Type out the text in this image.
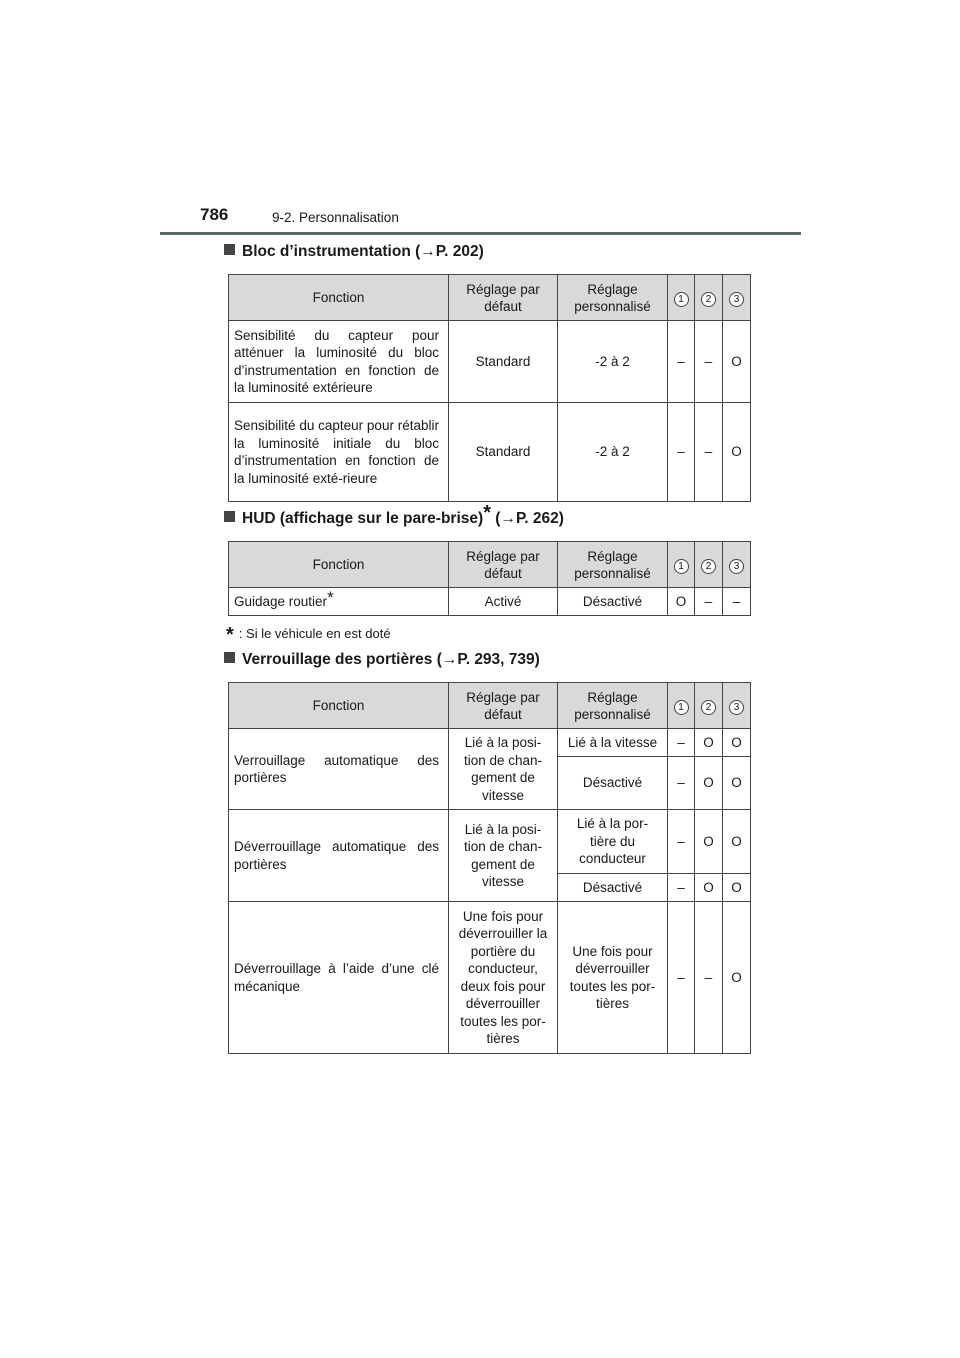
786	9-2. Personnalisation
Bloc d’instrumentation (→P. 202)
Fonction	Réglage par défaut	Réglage personnalisé	1	2	3
Sensibilité du capteur pour atténuer la luminosité du bloc d’instrumentation en fonction de la luminosité extérieure	Standard	-2 à 2	–	–	O
Sensibilité du capteur pour rétablir la luminosité initiale du bloc d’instrumentation en fonction de la luminosité exté-rieure	Standard	-2 à 2	–	–	O
HUD (affichage sur le pare-brise)* (→P. 262)
Fonction	Réglage par défaut	Réglage personnalisé	1	2	3
Guidage routier*	Activé	Désactivé	O	–	–
* : Si le véhicule en est doté
Verrouillage des portières (→P. 293, 739)
Fonction	Réglage par défaut	Réglage personnalisé	1	2	3
Verrouillage automatique des portières	Lié à la posi-tion de chan-gement de vitesse	Lié à la vitesse	–	O	O
		Désactivé	–	O	O
Déverrouillage automatique des portières	Lié à la posi-tion de chan-gement de vitesse	Lié à la por-tière du conducteur	–	O	O
		Désactivé	–	O	O
Déverrouillage à l’aide d’une clé mécanique	Une fois pour déverrouiller la portière du conducteur, deux fois pour déverrouiller toutes les por-tières	Une fois pour déverrouiller toutes les por-tières	–	–	O
